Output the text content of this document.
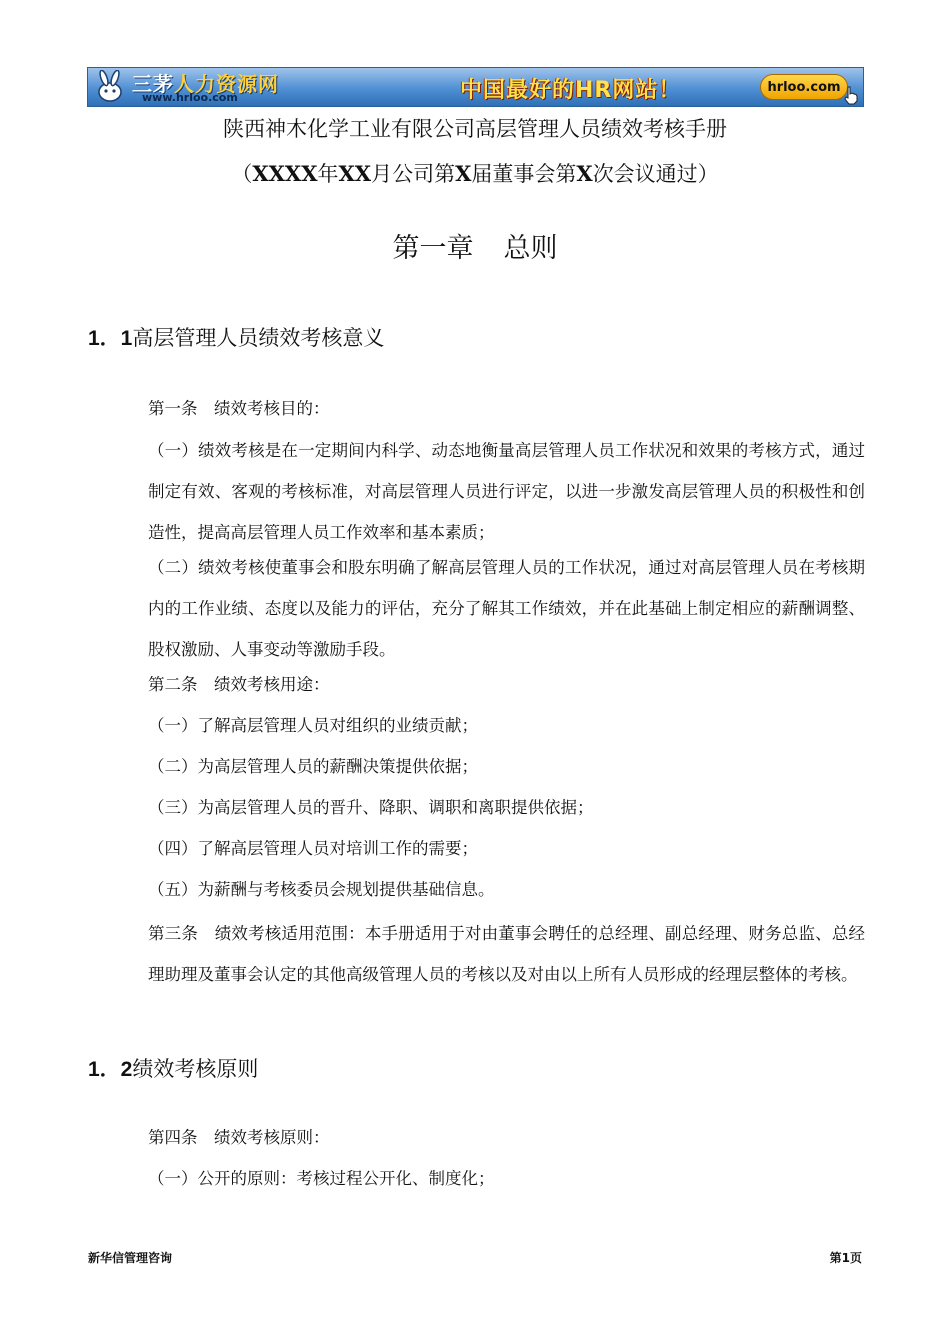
三茅人力资源网
www.hrloo.com	中国最好的HR网站！	hrloo.com
陕西神木化学工业有限公司高层管理人员绩效考核手册
（XXXX年XX月公司第X届董事会第X次会议通过）
第一章 总则
1．1高层管理人员绩效考核意义
第一条　绩效考核目的：
（一）绩效考核是在一定期间内科学、动态地衡量高层管理人员工作状况和效果的考核方式，通过制定有效、客观的考核标准，对高层管理人员进行评定，以进一步激发高层管理人员的积极性和创造性，提高高层管理人员工作效率和基本素质；
（二）绩效考核使董事会和股东明确了解高层管理人员的工作状况，通过对高层管理人员在考核期内的工作业绩、态度以及能力的评估，充分了解其工作绩效，并在此基础上制定相应的薪酬调整、股权激励、人事变动等激励手段。
第二条　绩效考核用途：
（一）了解高层管理人员对组织的业绩贡献；
（二）为高层管理人员的薪酬决策提供依据；
（三）为高层管理人员的晋升、降职、调职和离职提供依据；
（四）了解高层管理人员对培训工作的需要；
（五）为薪酬与考核委员会规划提供基础信息。
第三条　绩效考核适用范围：本手册适用于对由董事会聘任的总经理、副总经理、财务总监、总经理助理及董事会认定的其他高级管理人员的考核以及对由以上所有人员形成的经理层整体的考核。
1．2绩效考核原则
第四条　绩效考核原则：
（一）公开的原则：考核过程公开化、制度化；
新华信管理咨询	第1页
